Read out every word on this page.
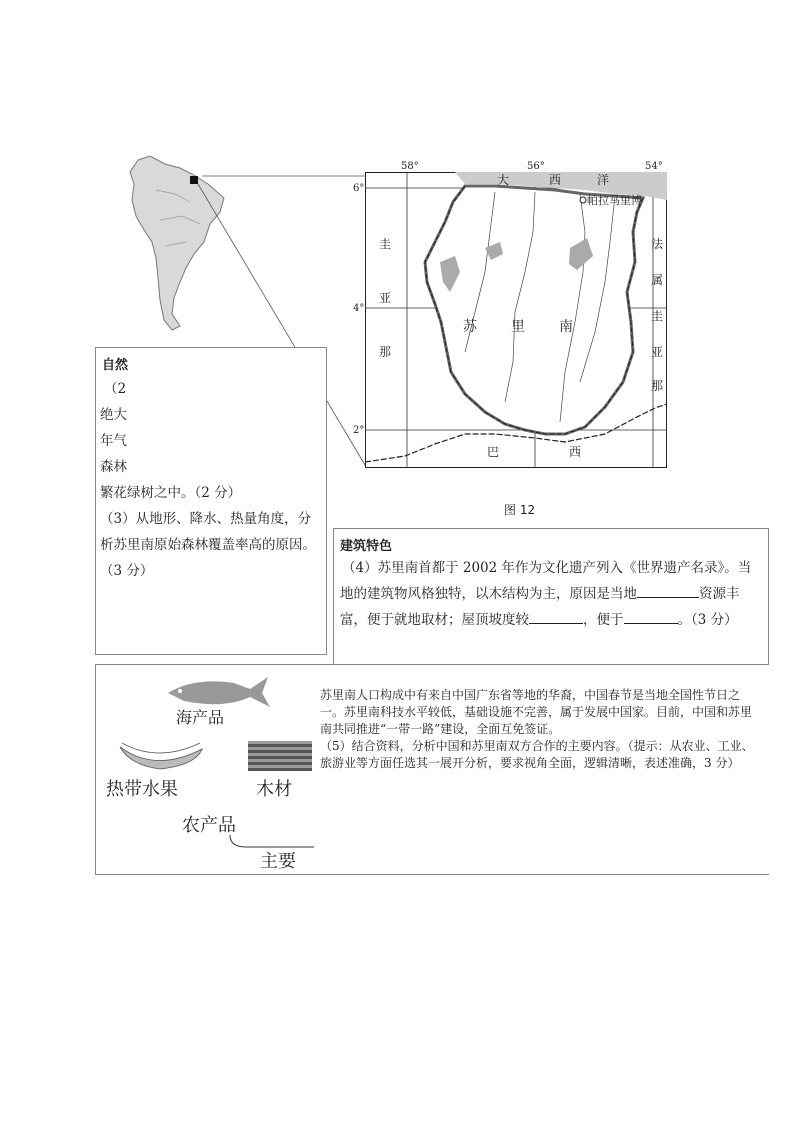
58°	56°	54°
6°
4°
2°
大	西	洋
帕拉马里博
苏 里 南
圭
亚
那
法
属
圭
亚
那
巴	西
图 12
自然
（2
绝大
年气
森林
繁花绿树之中。（2 分）
（3）从地形、降水、热量角度，分
析苏里南原始森林覆盖率高的原因。
（3 分）
建筑特色
（4）苏里南首都于 2002 年作为文化遗产列入《世界遗产名录》。当
地的建筑物风格独特，以木结构为主，原因是当地	资源丰
富，便于就地取材；屋顶坡度较	，便于	。（3 分）
海产品
热带水果	木材
农产品
主要
苏里南人口构成中有来自中国广东省等地的华裔，中国春节是当地全国性节日之一。苏里南科技水平较低，基础设施不完善，属于发展中国家。目前，中国和苏里南共同推进“一带一路”建设，全面互免签证。
（5）结合资料，分析中国和苏里南双方合作的主要内容。（提示：从农业、工业、旅游业等方面任选其一展开分析，要求视角全面，逻辑清晰，表述准确，3 分）
